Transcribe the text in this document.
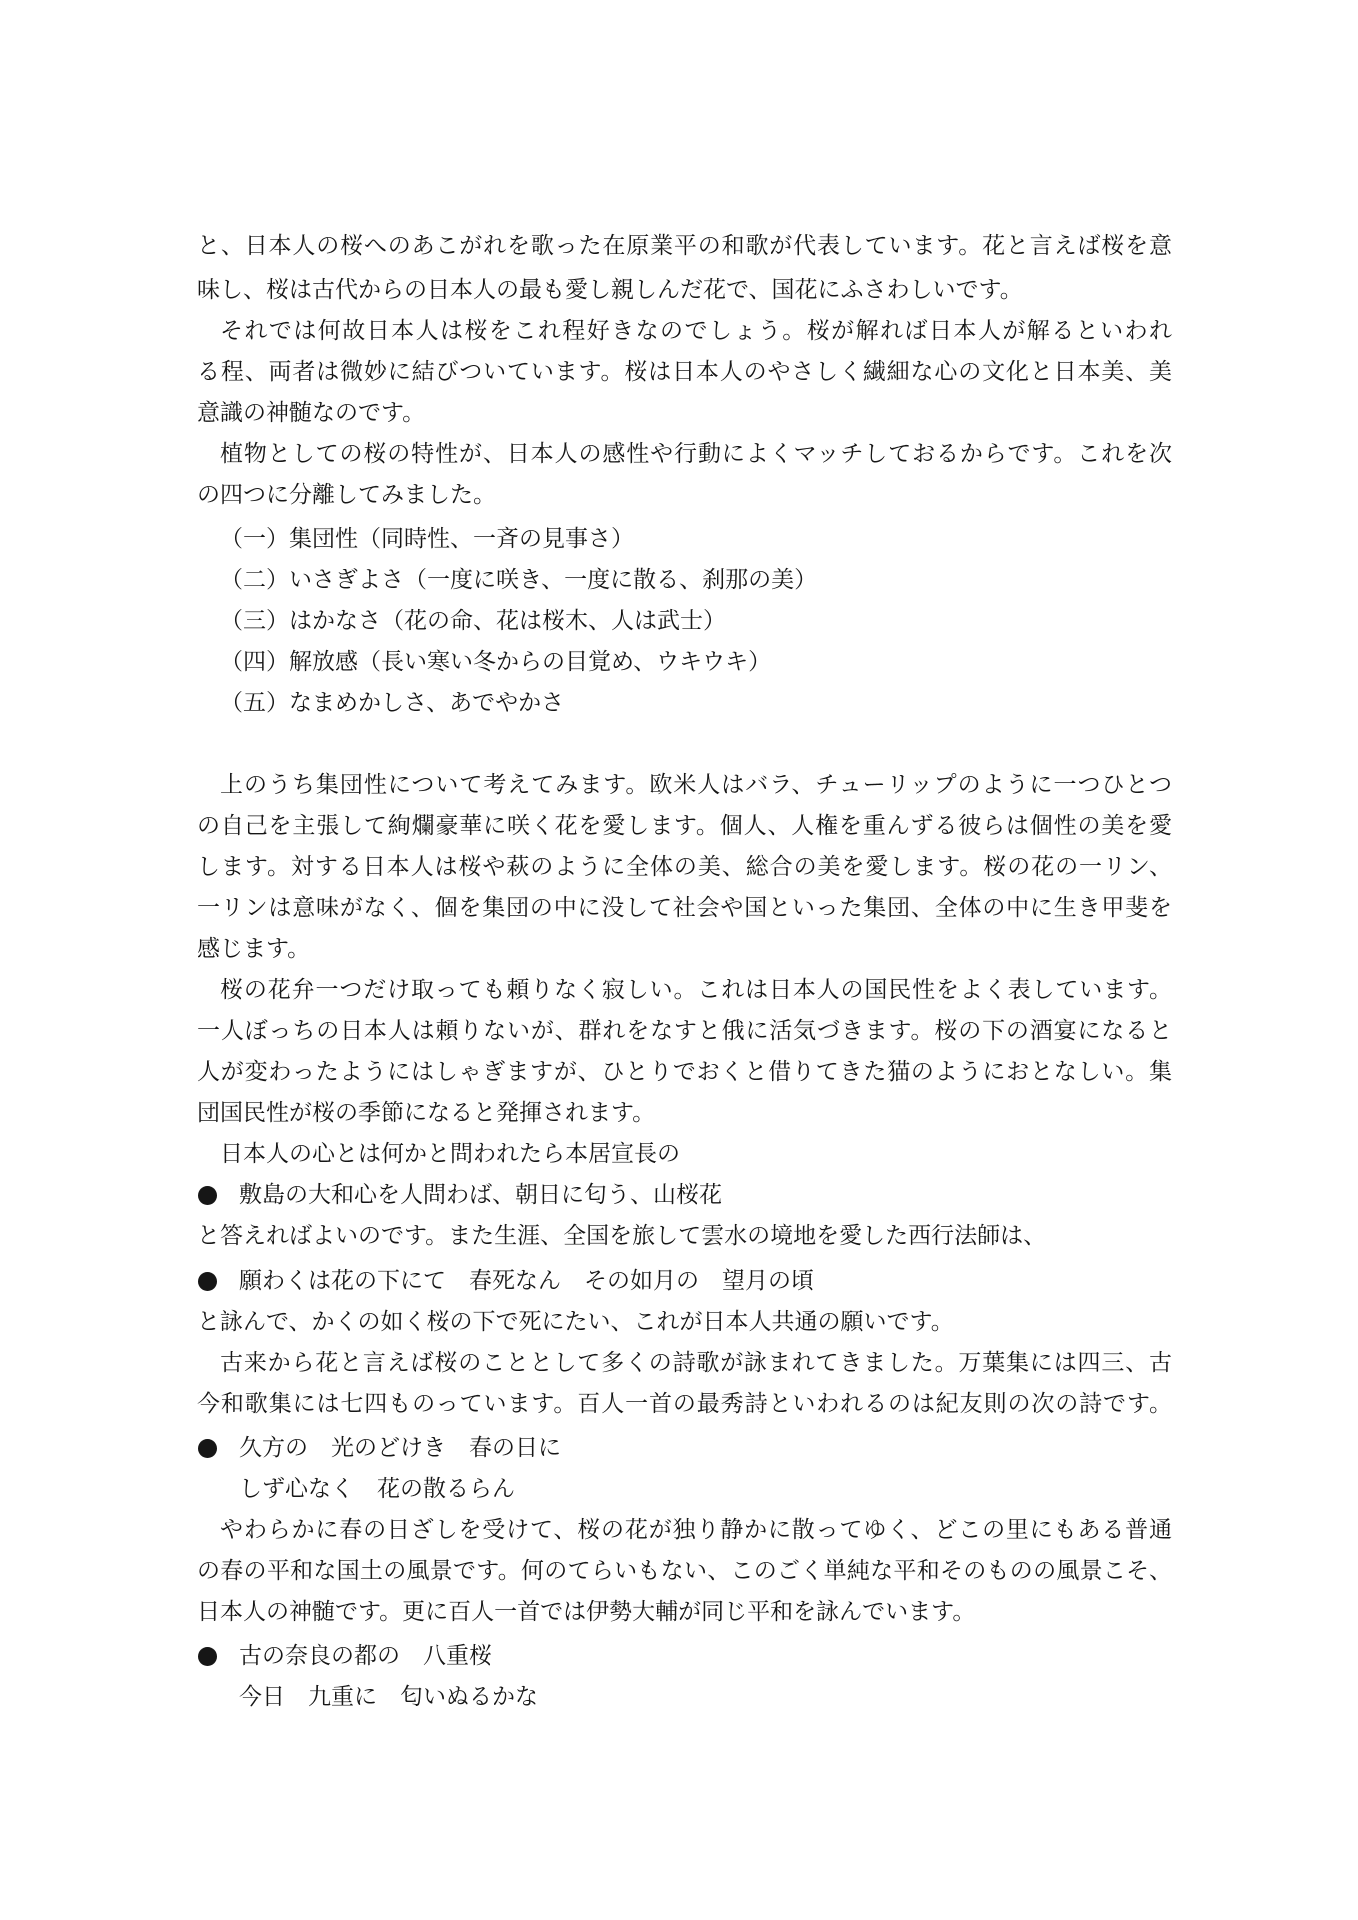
と、日本人の桜へのあこがれを歌った在原業平の和歌が代表しています。花と言えば桜を意
味し、桜は古代からの日本人の最も愛し親しんだ花で、国花にふさわしいです。
それでは何故日本人は桜をこれ程好きなのでしょう。桜が解れば日本人が解るといわれ
る程、両者は微妙に結びついています。桜は日本人のやさしく繊細な心の文化と日本美、美
意識の神髄なのです。
植物としての桜の特性が、日本人の感性や行動によくマッチしておるからです。これを次
の四つに分離してみました。
（一）集団性（同時性、一斉の見事さ）
（二）いさぎよさ（一度に咲き、一度に散る、刹那の美）
（三）はかなさ（花の命、花は桜木、人は武士）
（四）解放感（長い寒い冬からの目覚め、ウキウキ）
（五）なまめかしさ、あでやかさ
上のうち集団性について考えてみます。欧米人はバラ、チューリップのように一つひとつ
の自己を主張して絢爛豪華に咲く花を愛します。個人、人権を重んずる彼らは個性の美を愛
します。対する日本人は桜や萩のように全体の美、総合の美を愛します。桜の花の一リン、
一リンは意味がなく、個を集団の中に没して社会や国といった集団、全体の中に生き甲斐を
感じます。
桜の花弁一つだけ取っても頼りなく寂しい。これは日本人の国民性をよく表しています。
一人ぼっちの日本人は頼りないが、群れをなすと俄に活気づきます。桜の下の酒宴になると
人が変わったようにはしゃぎますが、ひとりでおくと借りてきた猫のようにおとなしい。集
団国民性が桜の季節になると発揮されます。
日本人の心とは何かと問われたら本居宣長の
敷島の大和心を人問わば、朝日に匂う、山桜花
と答えればよいのです。また生涯、全国を旅して雲水の境地を愛した西行法師は、
願わくは花の下にて　春死なん　その如月の　望月の頃
と詠んで、かくの如く桜の下で死にたい、これが日本人共通の願いです。
古来から花と言えば桜のこととして多くの詩歌が詠まれてきました。万葉集には四三、古
今和歌集には七四ものっています。百人一首の最秀詩といわれるのは紀友則の次の詩です。
久方の　光のどけき　春の日に
しず心なく　花の散るらん
やわらかに春の日ざしを受けて、桜の花が独り静かに散ってゆく、どこの里にもある普通
の春の平和な国土の風景です。何のてらいもない、このごく単純な平和そのものの風景こそ、
日本人の神髄です。更に百人一首では伊勢大輔が同じ平和を詠んでいます。
古の奈良の都の　八重桜
今日　九重に　匂いぬるかな
